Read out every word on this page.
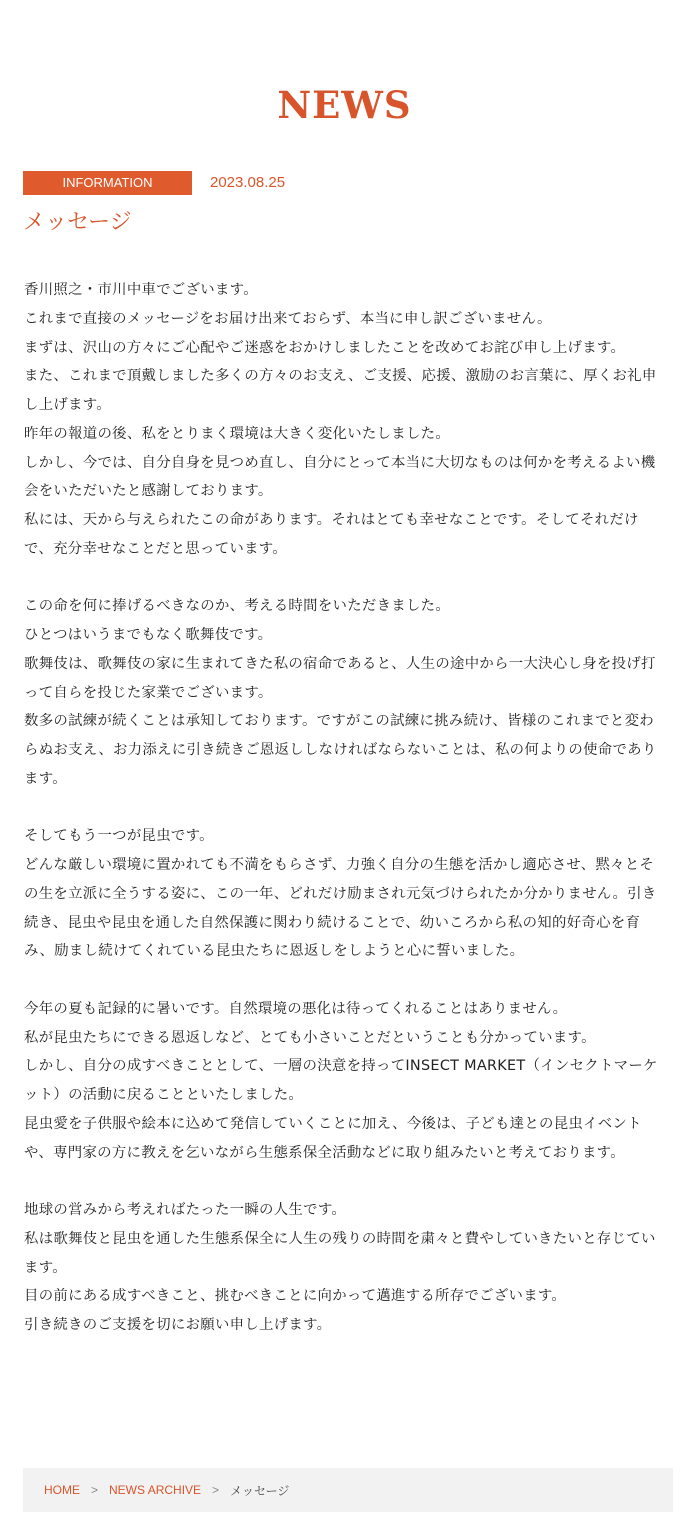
NEWS
INFORMATION	2023.08.25
メッセージ

香川照之・市川中車でございます。
これまで直接のメッセージをお届け出来ておらず、本当に申し訳ございません。
まずは、沢山の方々にご心配やご迷惑をおかけしましたことを改めてお詫び申し上げます。
また、これまで頂戴しました多くの方々のお支え、ご支援、応援、激励のお言葉に、厚くお礼申し上げます。
昨年の報道の後、私をとりまく環境は大きく変化いたしました。
しかし、今では、自分自身を見つめ直し、自分にとって本当に大切なものは何かを考えるよい機会をいただいたと感謝しております。
私には、天から与えられたこの命があります。それはとても幸せなことです。そしてそれだけで、充分幸せなことだと思っています。

この命を何に捧げるべきなのか、考える時間をいただきました。
ひとつはいうまでもなく歌舞伎です。
歌舞伎は、歌舞伎の家に生まれてきた私の宿命であると、人生の途中から一大決心し身を投げ打って自らを投じた家業でございます。
数多の試練が続くことは承知しております。ですがこの試練に挑み続け、皆様のこれまでと変わらぬお支え、お力添えに引き続きご恩返ししなければならないことは、私の何よりの使命であります。

そしてもう一つが昆虫です。
どんな厳しい環境に置かれても不満をもらさず、力強く自分の生態を活かし適応させ、黙々とその生を立派に全うする姿に、この一年、どれだけ励まされ元気づけられたか分かりません。引き続き、昆虫や昆虫を通した自然保護に関わり続けることで、幼いころから私の知的好奇心を育み、励まし続けてくれている昆虫たちに恩返しをしようと心に誓いました。

今年の夏も記録的に暑いです。自然環境の悪化は待ってくれることはありません。
私が昆虫たちにできる恩返しなど、とても小さいことだということも分かっています。
しかし、自分の成すべきこととして、一層の決意を持ってINSECT MARKET（インセクトマーケット）の活動に戻ることといたしました。
昆虫愛を子供服や絵本に込めて発信していくことに加え、今後は、子ども達との昆虫イベントや、専門家の方に教えを乞いながら生態系保全活動などに取り組みたいと考えております。

地球の営みから考えればたった一瞬の人生です。
私は歌舞伎と昆虫を通した生態系保全に人生の残りの時間を粛々と費やしていきたいと存じています。
目の前にある成すべきこと、挑むべきことに向かって邁進する所存でございます。
引き続きのご支援を切にお願い申し上げます。

HOME > NEWS ARCHIVE > メッセージ
